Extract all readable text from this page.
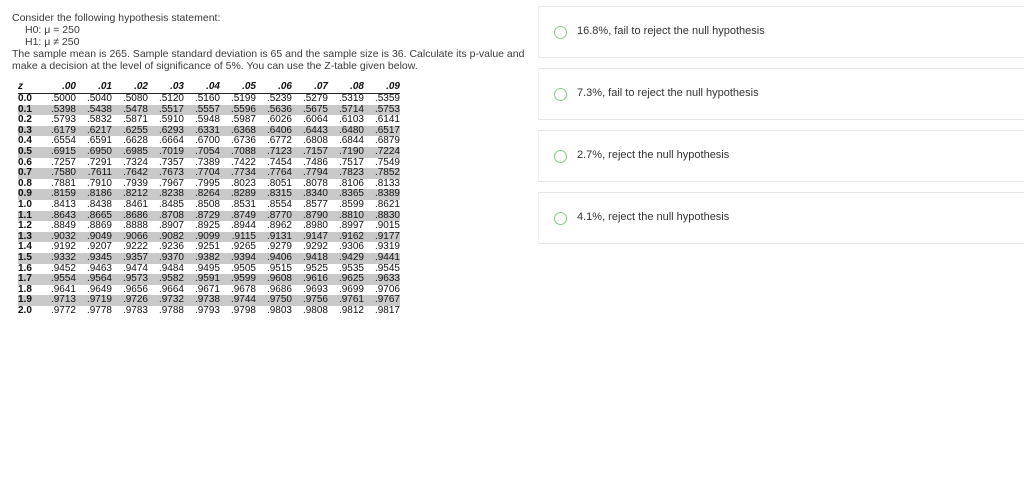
Consider the following hypothesis statement:
H0: μ = 250
H1: μ ≠ 250
The sample mean is 265. Sample standard deviation is 65 and the sample size is 36. Calculate its p-value and
make a decision at the level of significance of 5%. You can use the Z-table given below.
z	.00	.01	.02	.03	.04	.05	.06	.07	.08	.09
0.0	.5000	.5040	.5080	.5120	.5160	.5199	.5239	.5279	.5319	.5359
0.1	.5398	.5438	.5478	.5517	.5557	.5596	.5636	.5675	.5714	.5753
0.2	.5793	.5832	.5871	.5910	.5948	.5987	.6026	.6064	.6103	.6141
0.3	.6179	.6217	.6255	.6293	.6331	.6368	.6406	.6443	.6480	.6517
0.4	.6554	.6591	.6628	.6664	.6700	.6736	.6772	.6808	.6844	.6879
0.5	.6915	.6950	.6985	.7019	.7054	.7088	.7123	.7157	.7190	.7224
0.6	.7257	.7291	.7324	.7357	.7389	.7422	.7454	.7486	.7517	.7549
0.7	.7580	.7611	.7642	.7673	.7704	.7734	.7764	.7794	.7823	.7852
0.8	.7881	.7910	.7939	.7967	.7995	.8023	.8051	.8078	.8106	.8133
0.9	.8159	.8186	.8212	.8238	.8264	.8289	.8315	.8340	.8365	.8389
1.0	.8413	.8438	.8461	.8485	.8508	.8531	.8554	.8577	.8599	.8621
1.1	.8643	.8665	.8686	.8708	.8729	.8749	.8770	.8790	.8810	.8830
1.2	.8849	.8869	.8888	.8907	.8925	.8944	.8962	.8980	.8997	.9015
1.3	.9032	.9049	.9066	.9082	.9099	.9115	.9131	.9147	.9162	.9177
1.4	.9192	.9207	.9222	.9236	.9251	.9265	.9279	.9292	.9306	.9319
1.5	.9332	.9345	.9357	.9370	.9382	.9394	.9406	.9418	.9429	.9441
1.6	.9452	.9463	.9474	.9484	.9495	.9505	.9515	.9525	.9535	.9545
1.7	.9554	.9564	.9573	.9582	.9591	.9599	.9608	.9616	.9625	.9633
1.8	.9641	.9649	.9656	.9664	.9671	.9678	.9686	.9693	.9699	.9706
1.9	.9713	.9719	.9726	.9732	.9738	.9744	.9750	.9756	.9761	.9767
2.0	.9772	.9778	.9783	.9788	.9793	.9798	.9803	.9808	.9812	.9817
16.8%, fail to reject the null hypothesis
7.3%, fail to reject the null hypothesis
2.7%, reject the null hypothesis
4.1%, reject the null hypothesis
